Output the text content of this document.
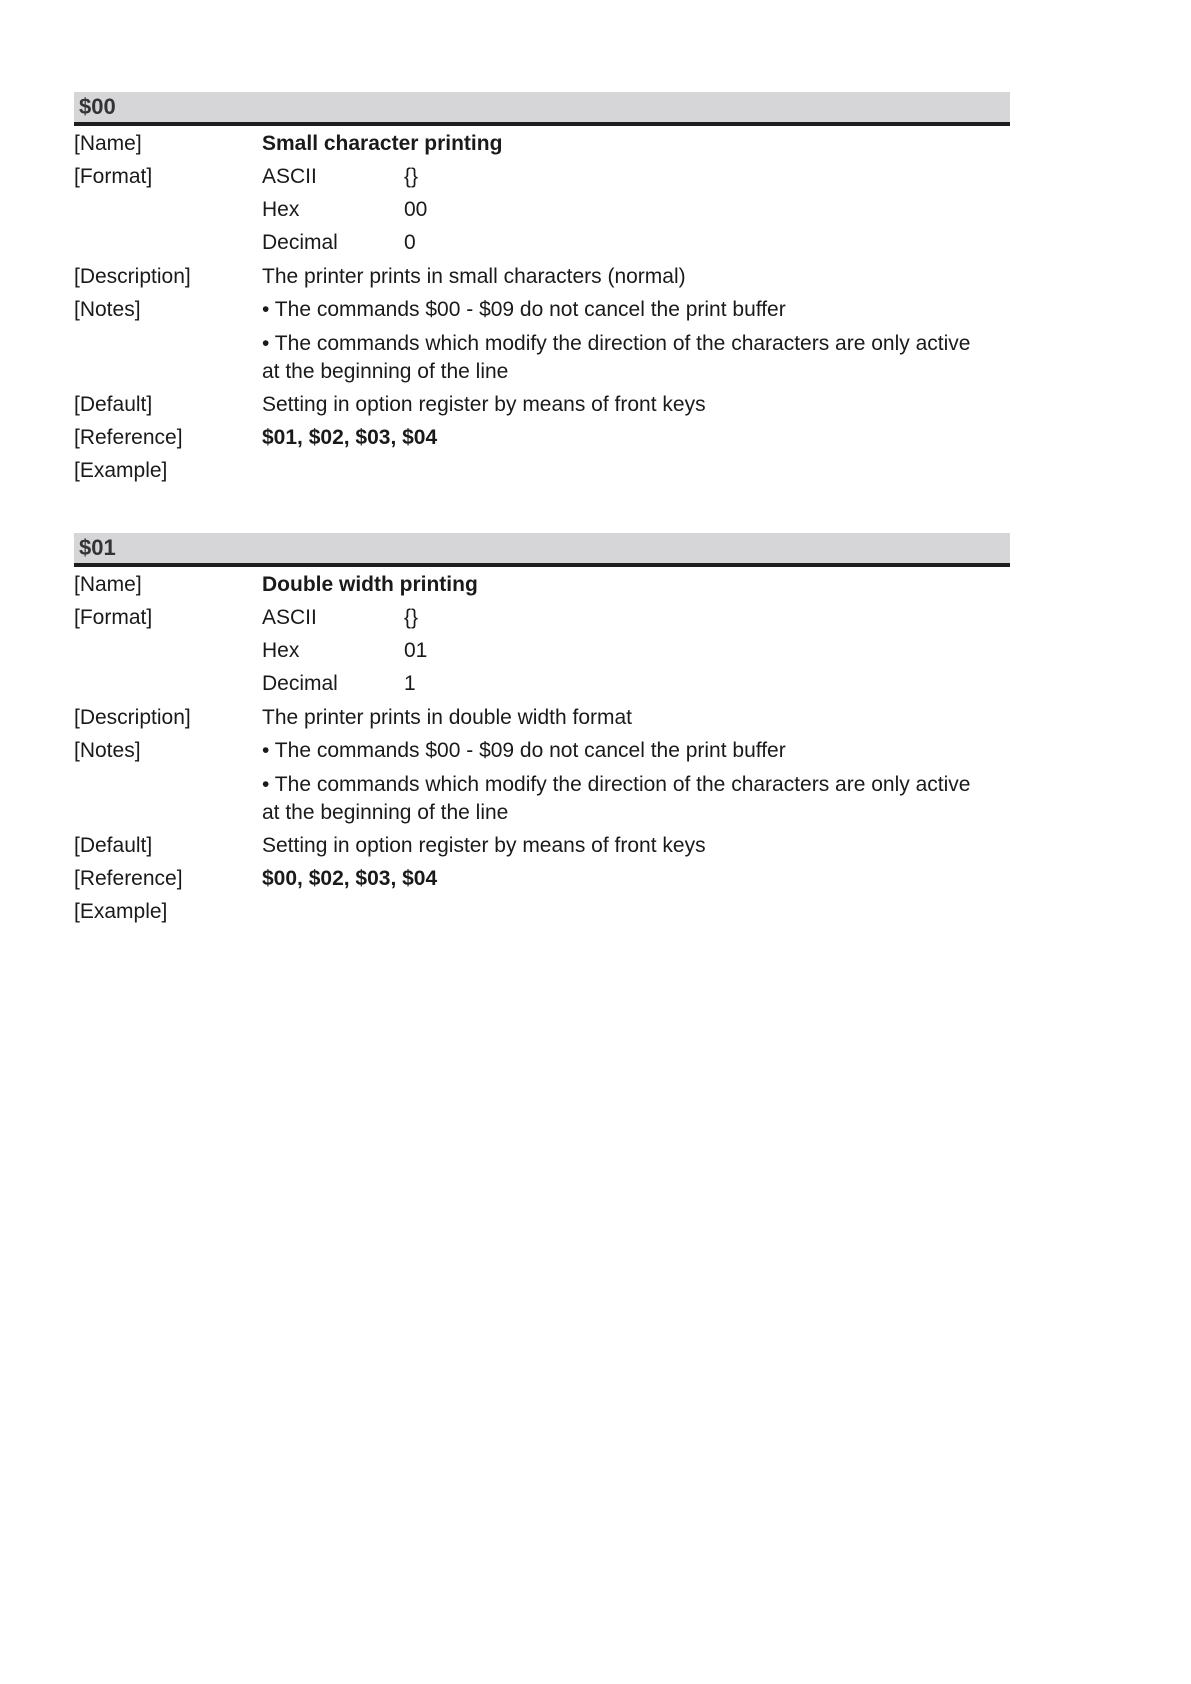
$00
[Name]	Small character printing
[Format]	ASCII	{}
Hex	00
Decimal	0
[Description]	The printer prints in small characters (normal)
[Notes]	• The commands $00 - $09 do not cancel the print buffer
• The commands which modify the direction of the characters are only active at the beginning of the line
[Default]	Setting in option register by means of front keys
[Reference]	$01, $02, $03, $04
[Example]

$01
[Name]	Double width printing
[Format]	ASCII	{}
Hex	01
Decimal	1
[Description]	The printer prints in double width format
[Notes]	• The commands $00 - $09 do not cancel the print buffer
• The commands which modify the direction of the characters are only active at the beginning of the line
[Default]	Setting in option register by means of front keys
[Reference]	$00, $02, $03, $04
[Example]
